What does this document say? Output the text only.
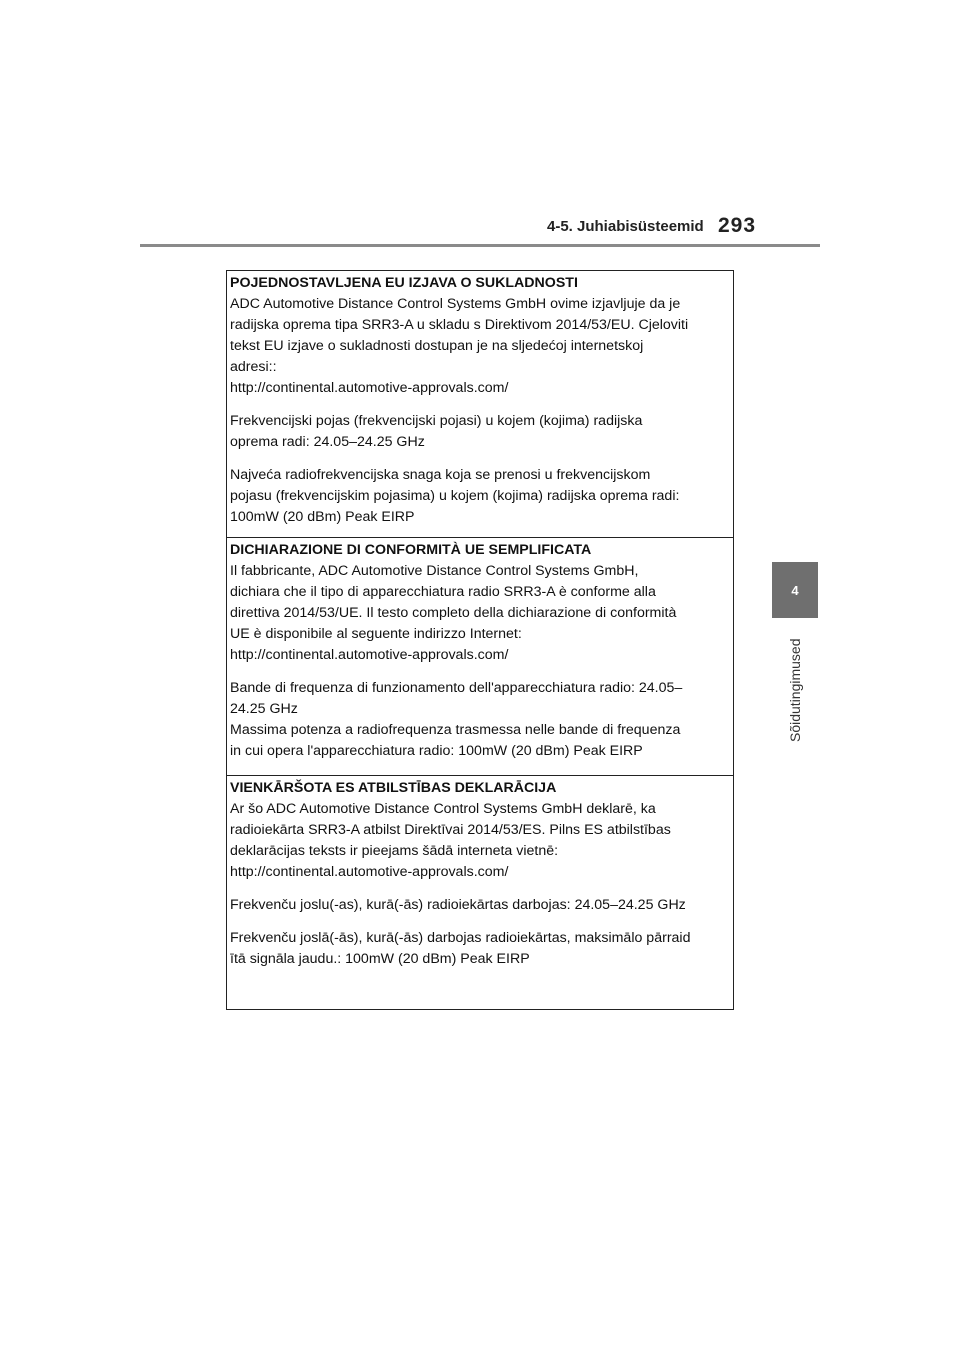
4-5. Juhiabisüsteemid 293
4
Sõidutingimused
POJEDNOSTAVLJENA EU IZJAVA O SUKLADNOSTI
ADC Automotive Distance Control Systems GmbH ovime izjavljuje da je
radijska oprema tipa SRR3-A u skladu s Direktivom 2014/53/EU. Cjeloviti
tekst EU izjave o sukladnosti dostupan je na sljedećoj internetskoj
adresi::
http://continental.automotive-approvals.com/
Frekvencijski pojas (frekvencijski pojasi) u kojem (kojima) radijska
oprema radi: 24.05–24.25 GHz
Najveća radiofrekvencijska snaga koja se prenosi u frekvencijskom
pojasu (frekvencijskim pojasima) u kojem (kojima) radijska oprema radi:
100mW (20 dBm) Peak EIRP
DICHIARAZIONE DI CONFORMITÀ UE SEMPLIFICATA
Il fabbricante, ADC Automotive Distance Control Systems GmbH,
dichiara che il tipo di apparecchiatura radio SRR3-A è conforme alla
direttiva 2014/53/UE. Il testo completo della dichiarazione di conformità
UE è disponibile al seguente indirizzo Internet:
http://continental.automotive-approvals.com/
Bande di frequenza di funzionamento dell'apparecchiatura radio: 24.05–
24.25 GHz
Massima potenza a radiofrequenza trasmessa nelle bande di frequenza
in cui opera l'apparecchiatura radio: 100mW (20 dBm) Peak EIRP
VIENKĀRŠOTA ES ATBILSTĪBAS DEKLARĀCIJA
Ar šo ADC Automotive Distance Control Systems GmbH deklarē, ka
radioiekārta SRR3-A atbilst Direktīvai 2014/53/ES. Pilns ES atbilstības
deklarācijas teksts ir pieejams šādā interneta vietnē:
http://continental.automotive-approvals.com/
Frekvenču joslu(-as), kurā(-ās) radioiekārtas darbojas: 24.05–24.25 GHz
Frekvenču joslā(-ās), kurā(-ās) darbojas radioiekārtas, maksimālo pārraid
ītā signāla jaudu.: 100mW (20 dBm) Peak EIRP
